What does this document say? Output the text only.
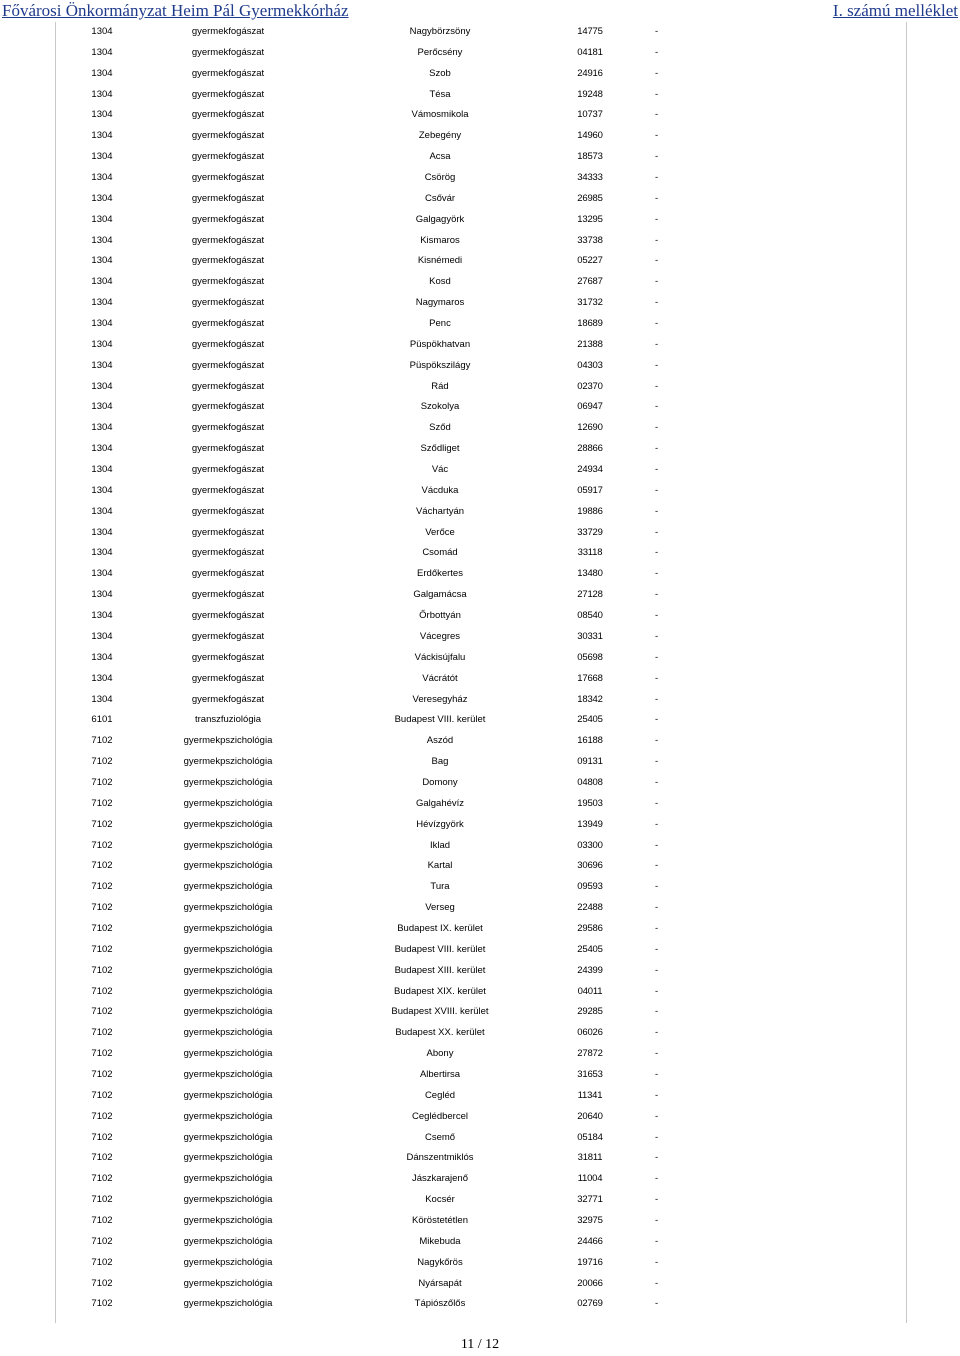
Fővárosi Önkormányzat Heim Pál Gyermekkórház	I. számú melléklet
1304	gyermekfogászat	Nagybörzsöny	14775	-	
1304	gyermekfogászat	Perőcsény	04181	-	
1304	gyermekfogászat	Szob	24916	-	
1304	gyermekfogászat	Tésa	19248	-	
1304	gyermekfogászat	Vámosmikola	10737	-	
1304	gyermekfogászat	Zebegény	14960	-	
1304	gyermekfogászat	Acsa	18573	-	
1304	gyermekfogászat	Csörög	34333	-	
1304	gyermekfogászat	Csővár	26985	-	
1304	gyermekfogászat	Galgagyörk	13295	-	
1304	gyermekfogászat	Kismaros	33738	-	
1304	gyermekfogászat	Kisnémedi	05227	-	
1304	gyermekfogászat	Kosd	27687	-	
1304	gyermekfogászat	Nagymaros	31732	-	
1304	gyermekfogászat	Penc	18689	-	
1304	gyermekfogászat	Püspökhatvan	21388	-	
1304	gyermekfogászat	Püspökszilágy	04303	-	
1304	gyermekfogászat	Rád	02370	-	
1304	gyermekfogászat	Szokolya	06947	-	
1304	gyermekfogászat	Sződ	12690	-	
1304	gyermekfogászat	Sződliget	28866	-	
1304	gyermekfogászat	Vác	24934	-	
1304	gyermekfogászat	Vácduka	05917	-	
1304	gyermekfogászat	Váchartyán	19886	-	
1304	gyermekfogászat	Verőce	33729	-	
1304	gyermekfogászat	Csomád	33118	-	
1304	gyermekfogászat	Erdőkertes	13480	-	
1304	gyermekfogászat	Galgamácsa	27128	-	
1304	gyermekfogászat	Őrbottyán	08540	-	
1304	gyermekfogászat	Vácegres	30331	-	
1304	gyermekfogászat	Váckisújfalu	05698	-	
1304	gyermekfogászat	Vácrátót	17668	-	
1304	gyermekfogászat	Veresegyház	18342	-	
6101	transzfuziológia	Budapest VIII. kerület	25405	-	
7102	gyermekpszichológia	Aszód	16188	-	
7102	gyermekpszichológia	Bag	09131	-	
7102	gyermekpszichológia	Domony	04808	-	
7102	gyermekpszichológia	Galgahévíz	19503	-	
7102	gyermekpszichológia	Hévízgyörk	13949	-	
7102	gyermekpszichológia	Iklad	03300	-	
7102	gyermekpszichológia	Kartal	30696	-	
7102	gyermekpszichológia	Tura	09593	-	
7102	gyermekpszichológia	Verseg	22488	-	
7102	gyermekpszichológia	Budapest IX. kerület	29586	-	
7102	gyermekpszichológia	Budapest VIII. kerület	25405	-	
7102	gyermekpszichológia	Budapest XIII. kerület	24399	-	
7102	gyermekpszichológia	Budapest XIX. kerület	04011	-	
7102	gyermekpszichológia	Budapest XVIII. kerület	29285	-	
7102	gyermekpszichológia	Budapest XX. kerület	06026	-	
7102	gyermekpszichológia	Abony	27872	-	
7102	gyermekpszichológia	Albertirsa	31653	-	
7102	gyermekpszichológia	Cegléd	11341	-	
7102	gyermekpszichológia	Ceglédbercel	20640	-	
7102	gyermekpszichológia	Csemő	05184	-	
7102	gyermekpszichológia	Dánszentmiklós	31811	-	
7102	gyermekpszichológia	Jászkarajenő	11004	-	
7102	gyermekpszichológia	Kocsér	32771	-	
7102	gyermekpszichológia	Köröstetétlen	32975	-	
7102	gyermekpszichológia	Mikebuda	24466	-	
7102	gyermekpszichológia	Nagykőrös	19716	-	
7102	gyermekpszichológia	Nyársapát	20066	-	
7102	gyermekpszichológia	Tápiószőlős	02769	-	
11 / 12
